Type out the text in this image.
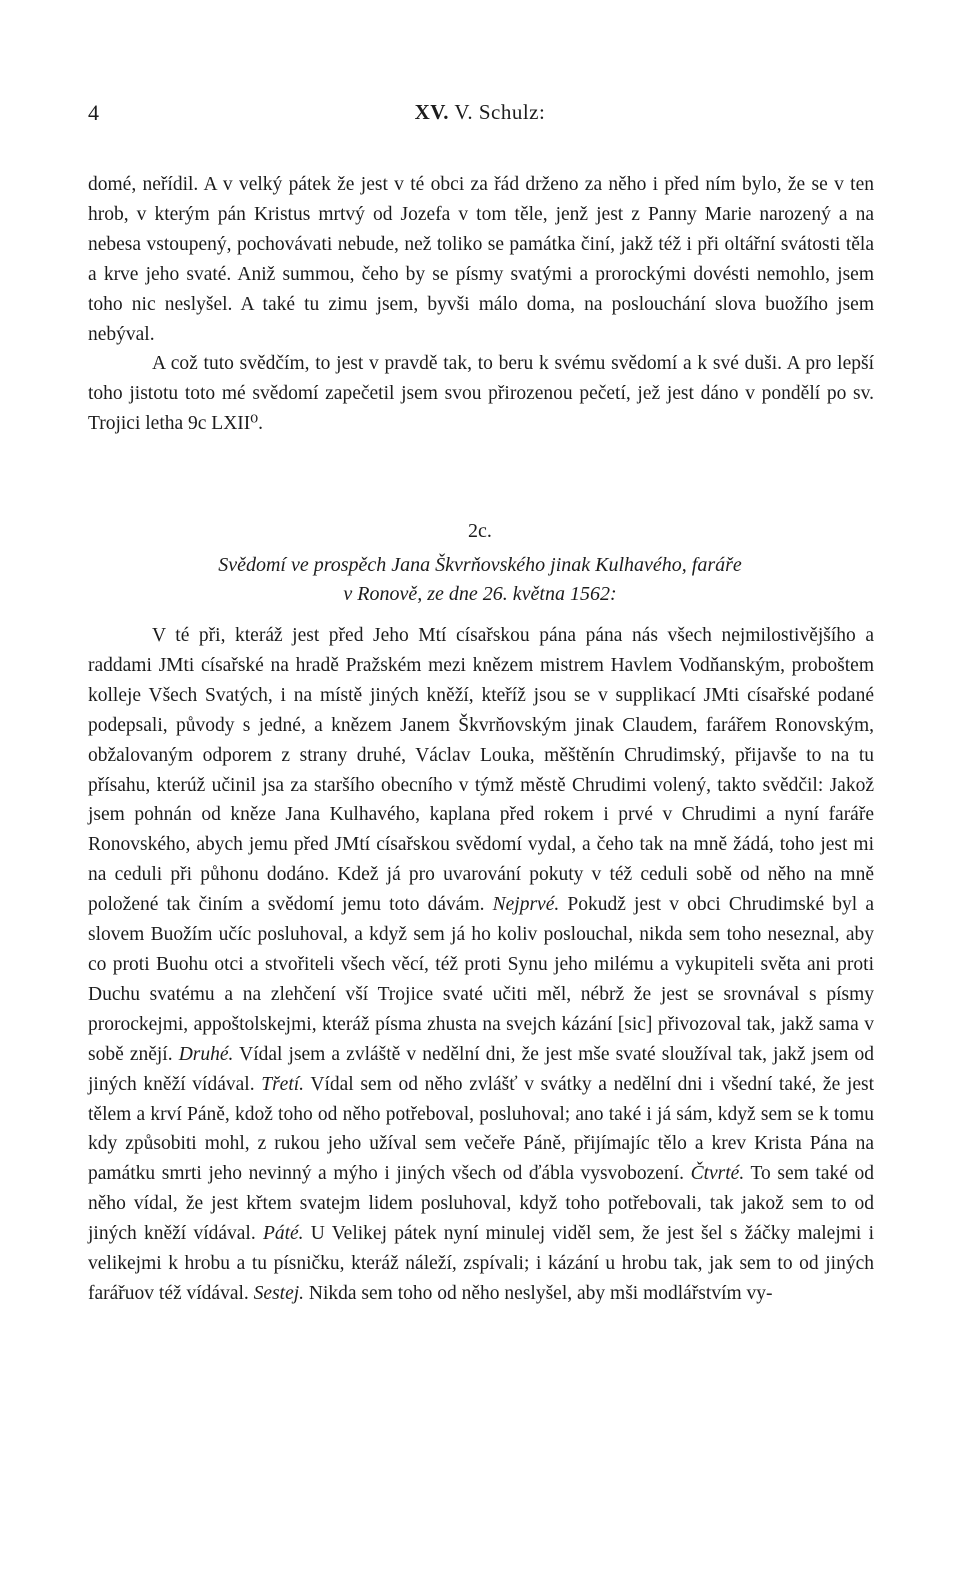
4	XV. V. Schulz:
domé, neřídil. A v velký pátek že jest v té obci za řád drženo za něho i před ním bylo, že se v ten hrob, v kterým pán Kristus mrtvý od Jozefa v tom těle, jenž jest z Panny Marie narozený a na nebesa vstoupený, pochovávati nebude, než toliko se památka činí, jakž též i při oltářní svátosti těla a krve jeho svaté. Aniž summou, čeho by se písmy svatými a prorockými dovésti nemohlo, jsem toho nic neslyšel. A také tu zimu jsem, byvši málo doma, na poslouchání slova buožího jsem nebýval.
A což tuto svědčím, to jest v pravdě tak, to beru k svému svědomí a k své duši. A pro lepší toho jistotu toto mé svědomí zapečetil jsem svou přirozenou pečetí, jež jest dáno v pondělí po sv. Trojici letha 9c LXII⁰.
2c.
Svědomí ve prospěch Jana Škvrňovského jinak Kulhavého, faráře
v Ronově, ze dne 26. května 1562:
V té při, kteráž jest před Jeho Mtí císařskou pána pána nás všech nejmilostivějšího a raddami JMti císařské na hradě Pražském mezi knězem mistrem Havlem Vodňanským, proboštem kolleje Všech Svatých, i na místě jiných kněží, kteříž jsou se v supplikací JMti císařské podané podepsali, původy s jedné, a knězem Janem Škvrňovským jinak Claudem, farářem Ronovským, obžalovaným odporem z strany druhé, Václav Louka, měštěnín Chrudimský, přijavše to na tu přísahu, kterúž učinil jsa za staršího obecního v týmž městě Chrudimi volený, takto svědčil: Jakož jsem pohnán od kněze Jana Kulhavého, kaplana před rokem i prvé v Chrudimi a nyní faráře Ronovského, abych jemu před JMtí císařskou svědomí vydal, a čeho tak na mně žádá, toho jest mi na ceduli při půhonu dodáno. Kdež já pro uvarování pokuty v též ceduli sobě od něho na mně položené tak činím a svědomí jemu toto dávám. Nejprvé. Pokudž jest v obci Chrudimské byl a slovem Buožím učíc posluhoval, a když sem já ho koliv poslouchal, nikda sem toho neseznal, aby co proti Buohu otci a stvořiteli všech věcí, též proti Synu jeho milému a vykupiteli světa ani proti Duchu svatému a na zlehčení vší Trojice svaté učiti měl, nébrž že jest se srovnával s písmy prorockejmi, appoštolskejmi, kteráž písma zhusta na svejch kázání [sic] přivozoval tak, jakž sama v sobě znějí. Druhé. Vídal jsem a zvláště v nedělní dni, že jest mše svaté sloužíval tak, jakž jsem od jiných kněží vídával. Třetí. Vídal sem od něho zvlášť v svátky a nedělní dni i všední také, že jest tělem a krví Páně, kdož toho od něho potřeboval, posluhoval; ano také i já sám, když sem se k tomu kdy způsobiti mohl, z rukou jeho užíval sem večeře Páně, přijímajíc tělo a krev Krista Pána na památku smrti jeho nevinný a mýho i jiných všech od ďábla vysvobození. Čtvrté. To sem také od něho vídal, že jest křtem svatejm lidem posluhoval, když toho potřebovali, tak jakož sem to od jiných kněží vídával. Páté. U Velikej pátek nyní minulej viděl sem, že jest šel s žáčky malejmi i velikejmi k hrobu a tu písničku, kteráž náleží, zspívali; i kázání u hrobu tak, jak sem to od jiných farářuov též vídával. Sestej. Nikda sem toho od něho neslyšel, aby mši modlářstvím vy-
